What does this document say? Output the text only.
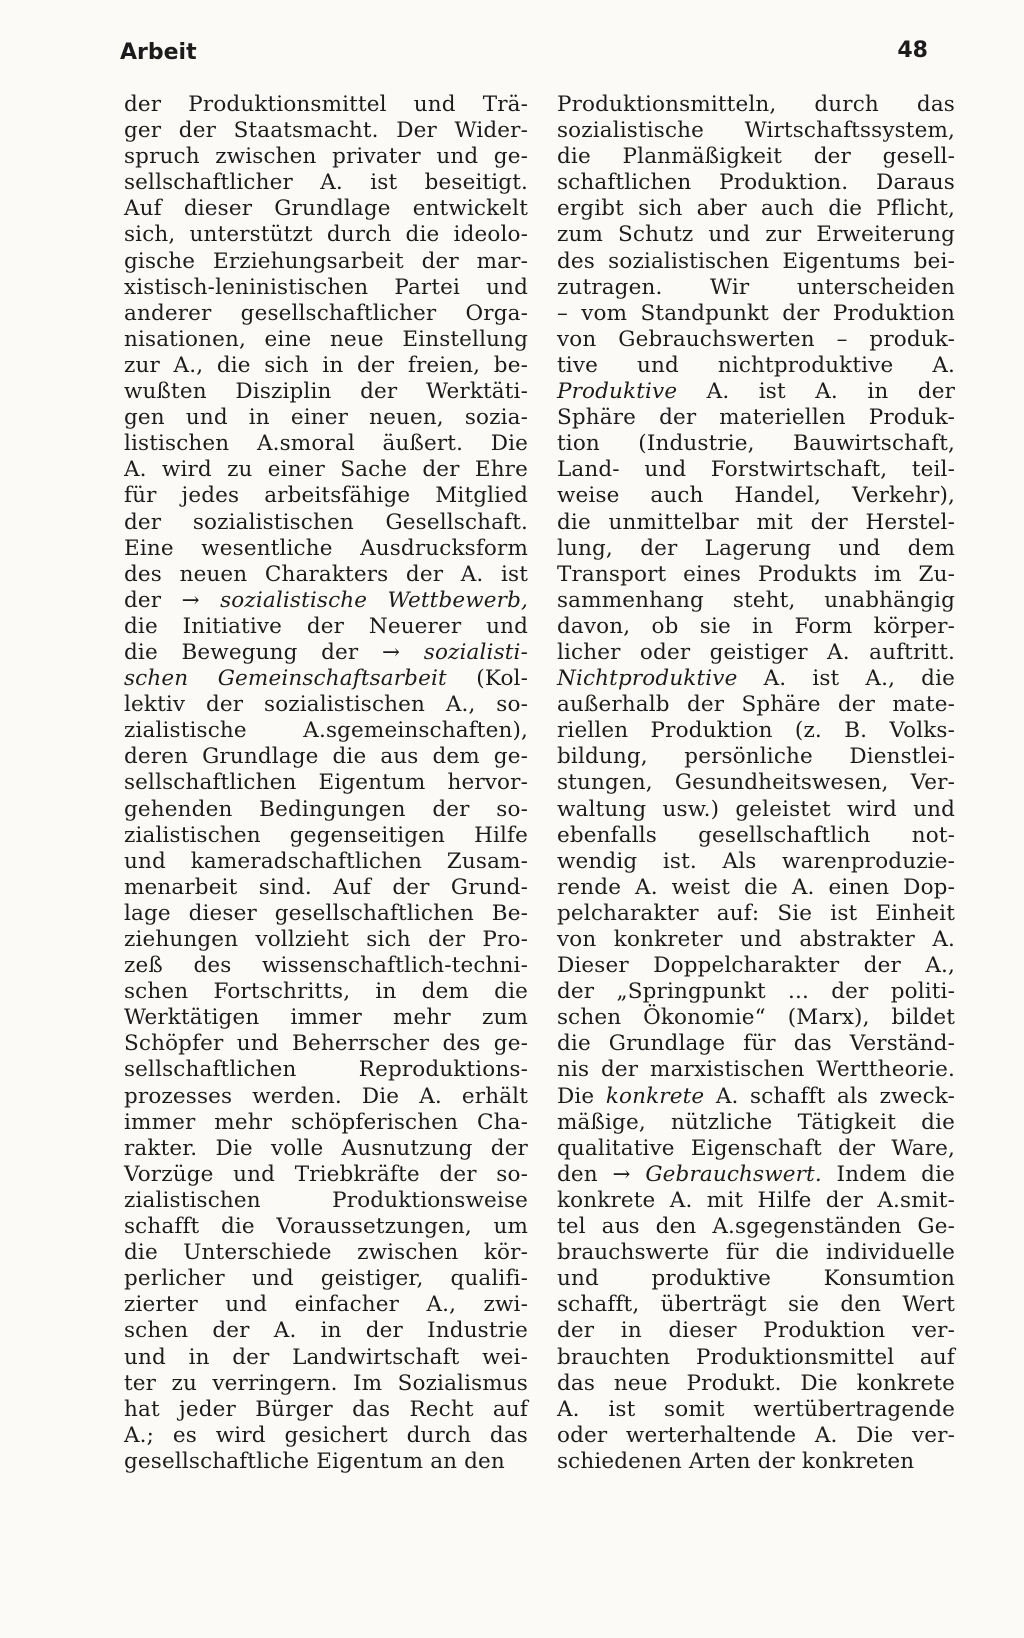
Arbeit	48
der Produktionsmittel und Trä-
ger der Staatsmacht. Der Wider-
spruch zwischen privater und ge-
sellschaftlicher A. ist beseitigt.
Auf dieser Grundlage entwickelt
sich, unterstützt durch die ideolo-
gische Erziehungsarbeit der mar-
xistisch-leninistischen Partei und
anderer gesellschaftlicher Orga-
nisationen, eine neue Einstellung
zur A., die sich in der freien, be-
wußten Disziplin der Werktäti-
gen und in einer neuen, sozia-
listischen A.smoral äußert. Die
A. wird zu einer Sache der Ehre
für jedes arbeitsfähige Mitglied
der sozialistischen Gesellschaft.
Eine wesentliche Ausdrucksform
des neuen Charakters der A. ist
der → sozialistische Wettbewerb,
die Initiative der Neuerer und
die Bewegung der → sozialisti-
schen Gemeinschaftsarbeit (Kol-
lektiv der sozialistischen A., so-
zialistische A.sgemeinschaften),
deren Grundlage die aus dem ge-
sellschaftlichen Eigentum hervor-
gehenden Bedingungen der so-
zialistischen gegenseitigen Hilfe
und kameradschaftlichen Zusam-
menarbeit sind. Auf der Grund-
lage dieser gesellschaftlichen Be-
ziehungen vollzieht sich der Pro-
zeß des wissenschaftlich-techni-
schen Fortschritts, in dem die
Werktätigen immer mehr zum
Schöpfer und Beherrscher des ge-
sellschaftlichen Reproduktions-
prozesses werden. Die A. erhält
immer mehr schöpferischen Cha-
rakter. Die volle Ausnutzung der
Vorzüge und Triebkräfte der so-
zialistischen Produktionsweise
schafft die Voraussetzungen, um
die Unterschiede zwischen kör-
perlicher und geistiger, qualifi-
zierter und einfacher A., zwi-
schen der A. in der Industrie
und in der Landwirtschaft wei-
ter zu verringern. Im Sozialismus
hat jeder Bürger das Recht auf
A.; es wird gesichert durch das
gesellschaftliche Eigentum an den
Produktionsmitteln, durch das
sozialistische Wirtschaftssystem,
die Planmäßigkeit der gesell-
schaftlichen Produktion. Daraus
ergibt sich aber auch die Pflicht,
zum Schutz und zur Erweiterung
des sozialistischen Eigentums bei-
zutragen. Wir unterscheiden
– vom Standpunkt der Produktion
von Gebrauchswerten – produk-
tive und nichtproduktive A.
Produktive A. ist A. in der
Sphäre der materiellen Produk-
tion (Industrie, Bauwirtschaft,
Land- und Forstwirtschaft, teil-
weise auch Handel, Verkehr),
die unmittelbar mit der Herstel-
lung, der Lagerung und dem
Transport eines Produkts im Zu-
sammenhang steht, unabhängig
davon, ob sie in Form körper-
licher oder geistiger A. auftritt.
Nichtproduktive A. ist A., die
außerhalb der Sphäre der mate-
riellen Produktion (z. B. Volks-
bildung, persönliche Dienstlei-
stungen, Gesundheitswesen, Ver-
waltung usw.) geleistet wird und
ebenfalls gesellschaftlich not-
wendig ist. Als warenproduzie-
rende A. weist die A. einen Dop-
pelcharakter auf: Sie ist Einheit
von konkreter und abstrakter A.
Dieser Doppelcharakter der A.,
der „Springpunkt ... der politi-
schen Ökonomie“ (Marx), bildet
die Grundlage für das Verständ-
nis der marxistischen Werttheorie.
Die konkrete A. schafft als zweck-
mäßige, nützliche Tätigkeit die
qualitative Eigenschaft der Ware,
den → Gebrauchswert. Indem die
konkrete A. mit Hilfe der A.smit-
tel aus den A.sgegenständen Ge-
brauchswerte für die individuelle
und produktive Konsumtion
schafft, überträgt sie den Wert
der in dieser Produktion ver-
brauchten Produktionsmittel auf
das neue Produkt. Die konkrete
A. ist somit wertübertragende
oder werterhaltende A. Die ver-
schiedenen Arten der konkreten
